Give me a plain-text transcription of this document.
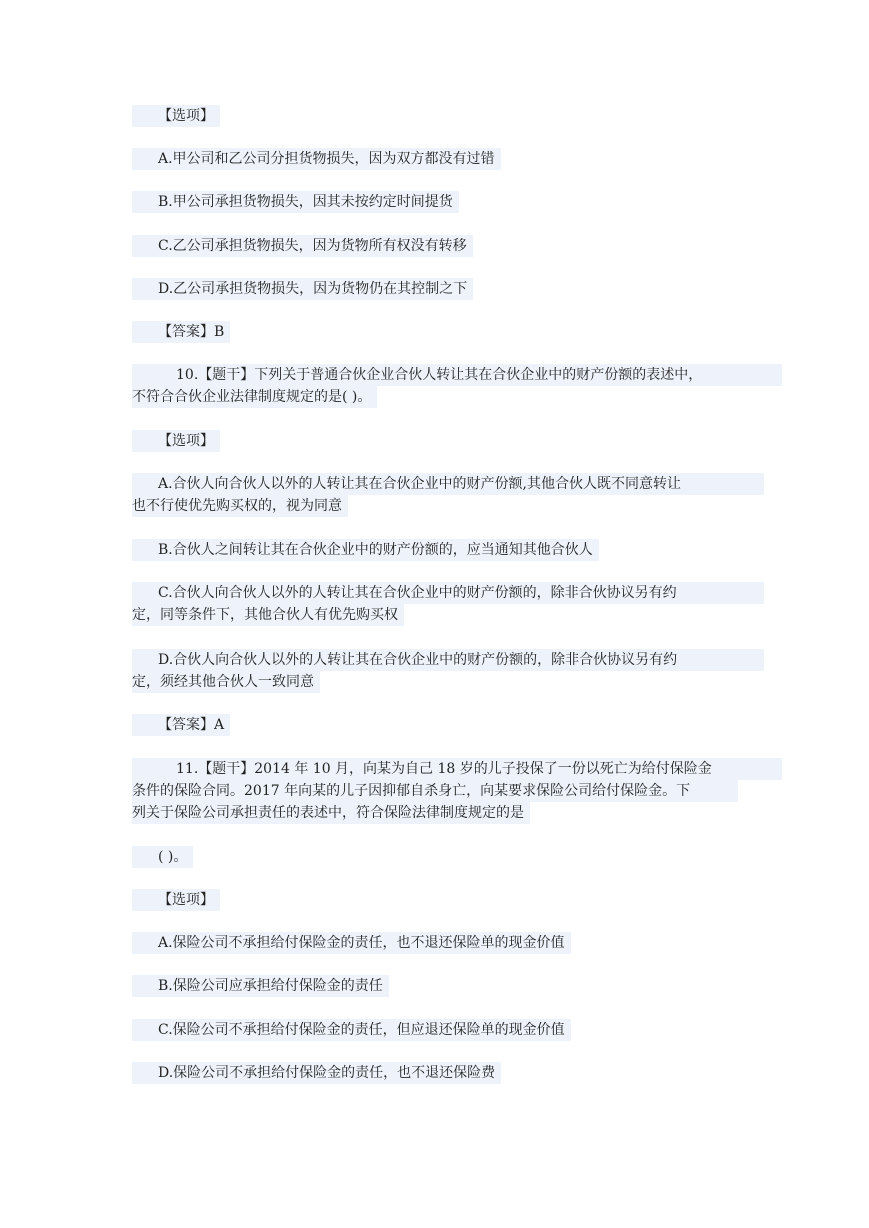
【选项】

A.甲公司和乙公司分担货物损失，因为双方都没有过错

B.甲公司承担货物损失，因其未按约定时间提货

C.乙公司承担货物损失，因为货物所有权没有转移

D.乙公司承担货物损失，因为货物仍在其控制之下

【答案】B

10.【题干】下列关于普通合伙企业合伙人转让其在合伙企业中的财产份额的表述中，
不符合合伙企业法律制度规定的是( )。

【选项】

A.合伙人向合伙人以外的人转让其在合伙企业中的财产份额,其他合伙人既不同意转让
也不行使优先购买权的，视为同意

B.合伙人之间转让其在合伙企业中的财产份额的，应当通知其他合伙人

C.合伙人向合伙人以外的人转让其在合伙企业中的财产份额的，除非合伙协议另有约
定，同等条件下，其他合伙人有优先购买权

D.合伙人向合伙人以外的人转让其在合伙企业中的财产份额的，除非合伙协议另有约
定，须经其他合伙人一致同意

【答案】A

11.【题干】2014 年 10 月，向某为自己 18 岁的儿子投保了一份以死亡为给付保险金
条件的保险合同。2017 年向某的儿子因抑郁自杀身亡，向某要求保险公司给付保险金。下
列关于保险公司承担责任的表述中，符合保险法律制度规定的是

( )。

【选项】

A.保险公司不承担给付保险金的责任，也不退还保险单的现金价值

B.保险公司应承担给付保险金的责任

C.保险公司不承担给付保险金的责任，但应退还保险单的现金价值

D.保险公司不承担给付保险金的责任，也不退还保险费
